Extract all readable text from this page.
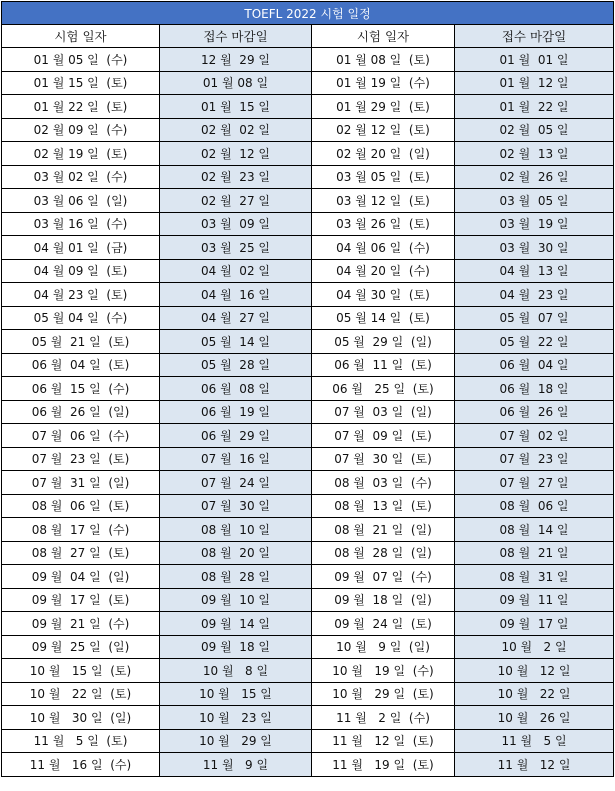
TOEFL 2022 시험 일정			
시험 일자	접수 마감일	시험 일자	접수 마감일
01 월 05 일  (수)	12 월  29 일	01 월 08 일  (토)	01 월  01 일
01 월 15 일  (토)	01 월 08 일	01 월 19 일  (수)	01 월  12 일
01 월 22 일  (토)	01 월  15 일	01 월 29 일  (토)	01 월  22 일
02 월 09 일  (수)	02 월  02 일	02 월 12 일  (토)	02 월  05 일
02 월 19 일  (토)	02 월  12 일	02 월 20 일  (일)	02 월  13 일
03 월 02 일  (수)	02 월  23 일	03 월 05 일  (토)	02 월  26 일
03 월 06 일  (일)	02 월  27 일	03 월 12 일  (토)	03 월  05 일
03 월 16 일  (수)	03 월  09 일	03 월 26 일  (토)	03 월  19 일
04 월 01 일  (금)	03 월  25 일	04 월 06 일  (수)	03 월  30 일
04 월 09 일  (토)	04 월  02 일	04 월 20 일  (수)	04 월  13 일
04 월 23 일  (토)	04 월  16 일	04 월 30 일  (토)	04 월  23 일
05 월 04 일  (수)	04 월  27 일	05 월 14 일  (토)	05 월  07 일
05 월  21 일  (토)	05 월  14 일	05 월  29 일  (일)	05 월  22 일
06 월  04 일  (토)	05 월  28 일	06 월  11 일  (토)	06 월  04 일
06 월  15 일  (수)	06 월  08 일	06 월   25 일  (토)	06 월  18 일
06 월  26 일  (일)	06 월  19 일	07 월  03 일  (일)	06 월  26 일
07 월  06 일  (수)	06 월  29 일	07 월  09 일  (토)	07 월  02 일
07 월  23 일  (토)	07 월  16 일	07 월  30 일  (토)	07 월  23 일
07 월  31 일  (일)	07 월  24 일	08 월  03 일  (수)	07 월  27 일
08 월  06 일  (토)	07 월  30 일	08 월  13 일  (토)	08 월  06 일
08 월  17 일  (수)	08 월  10 일	08 월  21 일  (일)	08 월  14 일
08 월  27 일  (토)	08 월  20 일	08 월  28 일  (일)	08 월  21 일
09 월  04 일  (일)	08 월  28 일	09 월  07 일  (수)	08 월  31 일
09 월  17 일  (토)	09 월  10 일	09 월  18 일  (일)	09 월  11 일
09 월  21 일  (수)	09 월  14 일	09 월  24 일  (토)	09 월  17 일
09 월  25 일  (일)	09 월  18 일	10 월   9 일  (일)	10 월   2 일
10 월   15 일  (토)	10 월   8 일	10 월   19 일  (수)	10 월   12 일
10 월   22 일  (토)	10 월   15 일	10 월   29 일  (토)	10 월   22 일
10 월   30 일  (일)	10 월   23 일	11 월   2 일  (수)	10 월   26 일
11 월   5 일  (토)	10 월   29 일	11 월   12 일  (토)	11 월   5 일
11 월   16 일  (수)	11 월   9 일	11 월   19 일  (토)	11 월   12 일
